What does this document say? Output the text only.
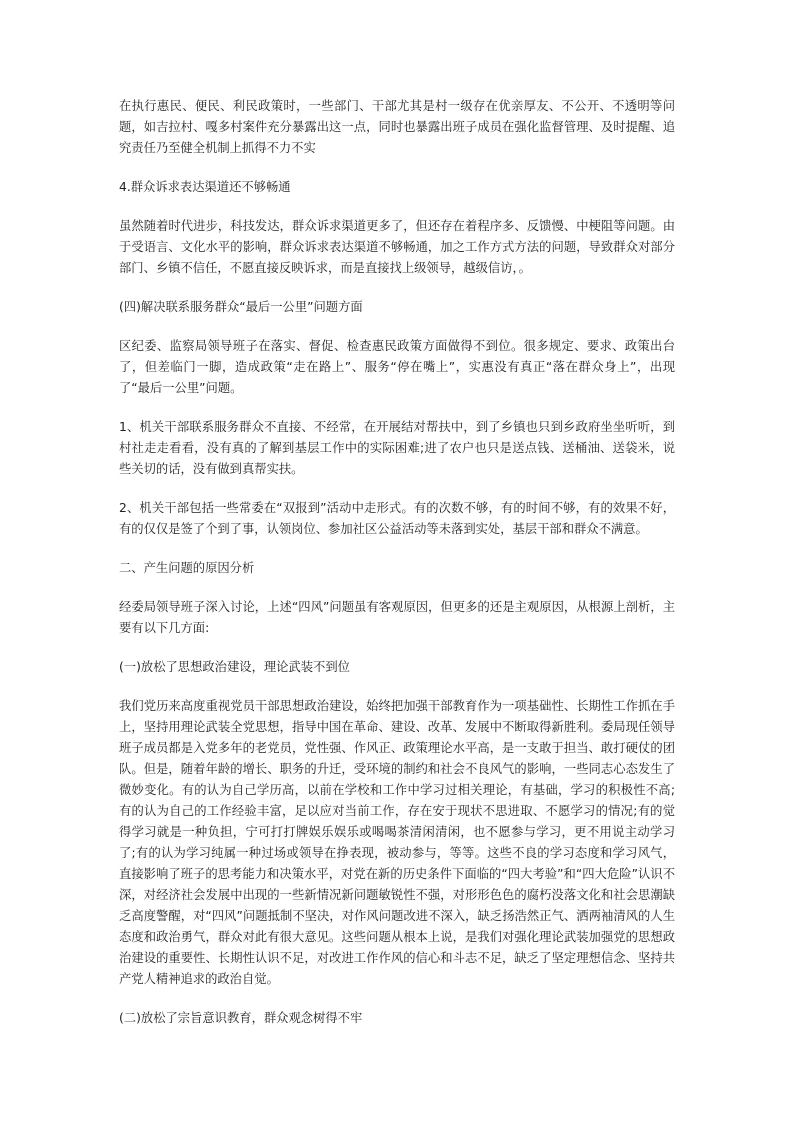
在执行惠民、便民、利民政策时，一些部门、干部尤其是村一级存在优亲厚友、不公开、不透明等问题，如吉拉村、嘎多村案件充分暴露出这一点，同时也暴露出班子成员在强化监督管理、及时提醒、追究责任乃至健全机制上抓得不力不实

4.群众诉求表达渠道还不够畅通

虽然随着时代进步，科技发达，群众诉求渠道更多了，但还存在着程序多、反馈慢、中梗阻等问题。由于受语言、文化水平的影响，群众诉求表达渠道不够畅通，加之工作方式方法的问题，导致群众对部分部门、乡镇不信任，不愿直接反映诉求，而是直接找上级领导，越级信访，。

(四)解决联系服务群众“最后一公里”问题方面

区纪委、监察局领导班子在落实、督促、检查惠民政策方面做得不到位。很多规定、要求、政策出台了，但差临门一脚，造成政策“走在路上”、服务“停在嘴上”，实惠没有真正“落在群众身上”，出现了“最后一公里”问题。

1、机关干部联系服务群众不直接、不经常，在开展结对帮扶中，到了乡镇也只到乡政府坐坐听听，到村社走走看看，没有真的了解到基层工作中的实际困难;进了农户也只是送点钱、送桶油、送袋米，说些关切的话，没有做到真帮实扶。

2、机关干部包括一些常委在“双报到”活动中走形式。有的次数不够，有的时间不够，有的效果不好，有的仅仅是签了个到了事，认领岗位、参加社区公益活动等未落到实处，基层干部和群众不满意。

二、产生问题的原因分析

经委局领导班子深入讨论，上述“四风”问题虽有客观原因，但更多的还是主观原因，从根源上剖析，主要有以下几方面:

(一)放松了思想政治建设，理论武装不到位

我们党历来高度重视党员干部思想政治建设，始终把加强干部教育作为一项基础性、长期性工作抓在手上，坚持用理论武装全党思想，指导中国在革命、建设、改革、发展中不断取得新胜利。委局现任领导班子成员都是入党多年的老党员，党性强、作风正、政策理论水平高，是一支敢于担当、敢打硬仗的团队。但是，随着年龄的增长、职务的升迁，受环境的制约和社会不良风气的影响，一些同志心态发生了微妙变化。有的认为自己学历高，以前在学校和工作中学习过相关理论，有基础，学习的积极性不高;有的认为自己的工作经验丰富，足以应对当前工作，存在安于现状不思进取、不愿学习的情况;有的觉得学习就是一种负担，宁可打打牌娱乐娱乐或喝喝茶清闲清闲，也不愿参与学习，更不用说主动学习了;有的认为学习纯属一种过场或领导在挣表现，被动参与，等等。这些不良的学习态度和学习风气，直接影响了班子的思考能力和决策水平，对党在新的历史条件下面临的“四大考验”和“四大危险”认识不深，对经济社会发展中出现的一些新情况新问题敏锐性不强，对形形色色的腐朽没落文化和社会思潮缺乏高度警醒，对“四风”问题抵制不坚决，对作风问题改进不深入，缺乏扬浩然正气、洒两袖清风的人生态度和政治勇气，群众对此有很大意见。这些问题从根本上说，是我们对强化理论武装加强党的思想政治建设的重要性、长期性认识不足，对改进工作作风的信心和斗志不足，缺乏了坚定理想信念、坚持共产党人精神追求的政治自觉。

(二)放松了宗旨意识教育，群众观念树得不牢
